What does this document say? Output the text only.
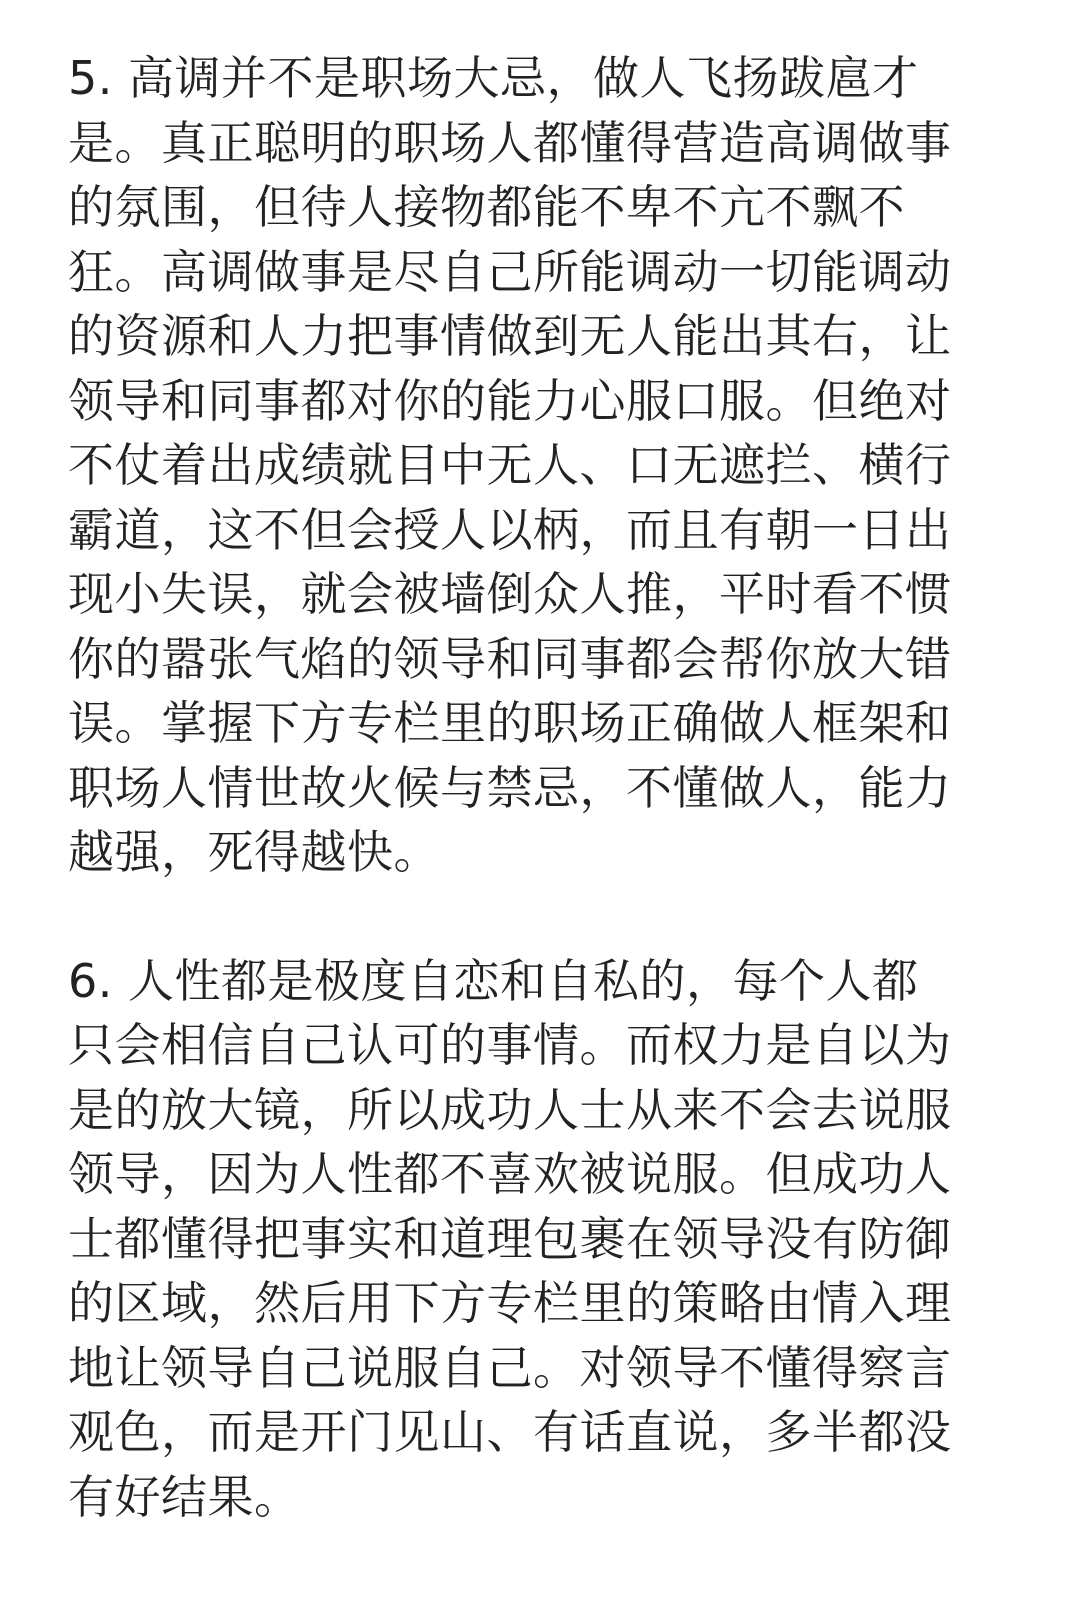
5. 高调并不是职场大忌，做人飞扬跋扈才是。真正聪明的职场人都懂得营造高调做事的氛围，但待人接物都能不卑不亢不飘不狂。高调做事是尽自己所能调动一切能调动的资源和人力把事情做到无人能出其右，让领导和同事都对你的能力心服口服。但绝对不仗着出成绩就目中无人、口无遮拦、横行霸道，这不但会授人以柄，而且有朝一日出现小失误，就会被墙倒众人推，平时看不惯你的嚣张气焰的领导和同事都会帮你放大错误。掌握下方专栏里的职场正确做人框架和职场人情世故火候与禁忌，不懂做人，能力越强，死得越快。

6. 人性都是极度自恋和自私的，每个人都只会相信自己认可的事情。而权力是自以为是的放大镜，所以成功人士从来不会去说服领导，因为人性都不喜欢被说服。但成功人士都懂得把事实和道理包裹在领导没有防御的区域，然后用下方专栏里的策略由情入理地让领导自己说服自己。对领导不懂得察言观色，而是开门见山、有话直说，多半都没有好结果。
